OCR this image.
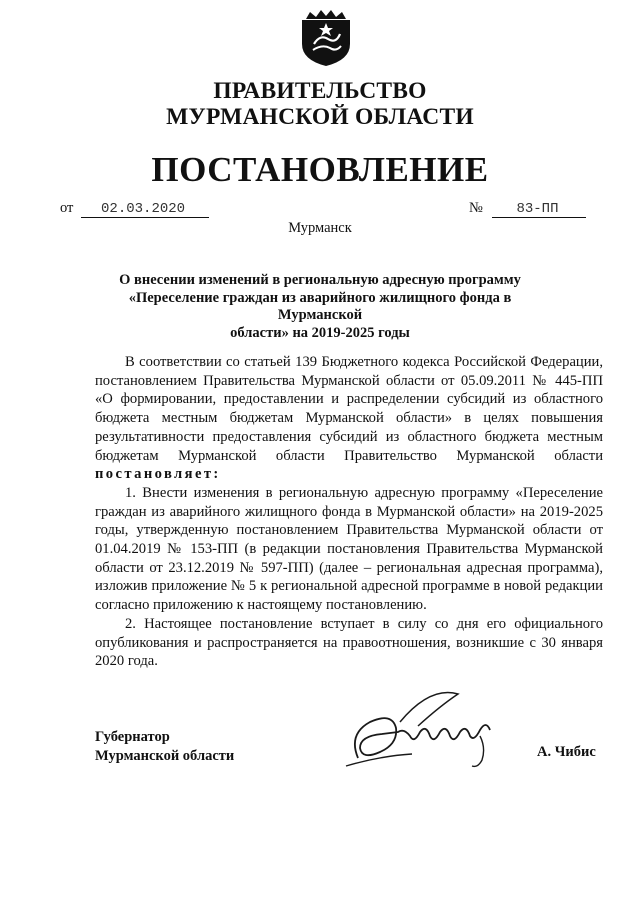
ПРАВИТЕЛЬСТВО
МУРМАНСКОЙ ОБЛАСТИ
ПОСТАНОВЛЕНИЕ
от 02.03.2020	№ 83-ПП
Мурманск
О внесении изменений в региональную адресную программу
«Переселение граждан из аварийного жилищного фонда в Мурманской
области» на 2019-2025 годы

В соответствии со статьей 139 Бюджетного кодекса Российской Федерации, постановлением Правительства Мурманской области от 05.09.2011 № 445-ПП «О формировании, предоставлении и распределении субсидий из областного бюджета местным бюджетам Мурманской области» в целях повышения результативности предоставления субсидий из областного бюджета местным бюджетам Мурманской области Правительство Мурманской области постановляет:

1. Внести изменения в региональную адресную программу «Переселение граждан из аварийного жилищного фонда в Мурманской области» на 2019-2025 годы, утвержденную постановлением Правительства Мурманской области от 01.04.2019 № 153-ПП (в редакции постановления Правительства Мурманской области от 23.12.2019 № 597-ПП) (далее – региональная адресная программа), изложив приложение № 5 к региональной адресной программе в новой редакции согласно приложению к настоящему постановлению.

2. Настоящее постановление вступает в силу со дня его официального опубликования и распространяется на правоотношения, возникшие с 30 января 2020 года.

Губернатор
Мурманской области	А. Чибис
